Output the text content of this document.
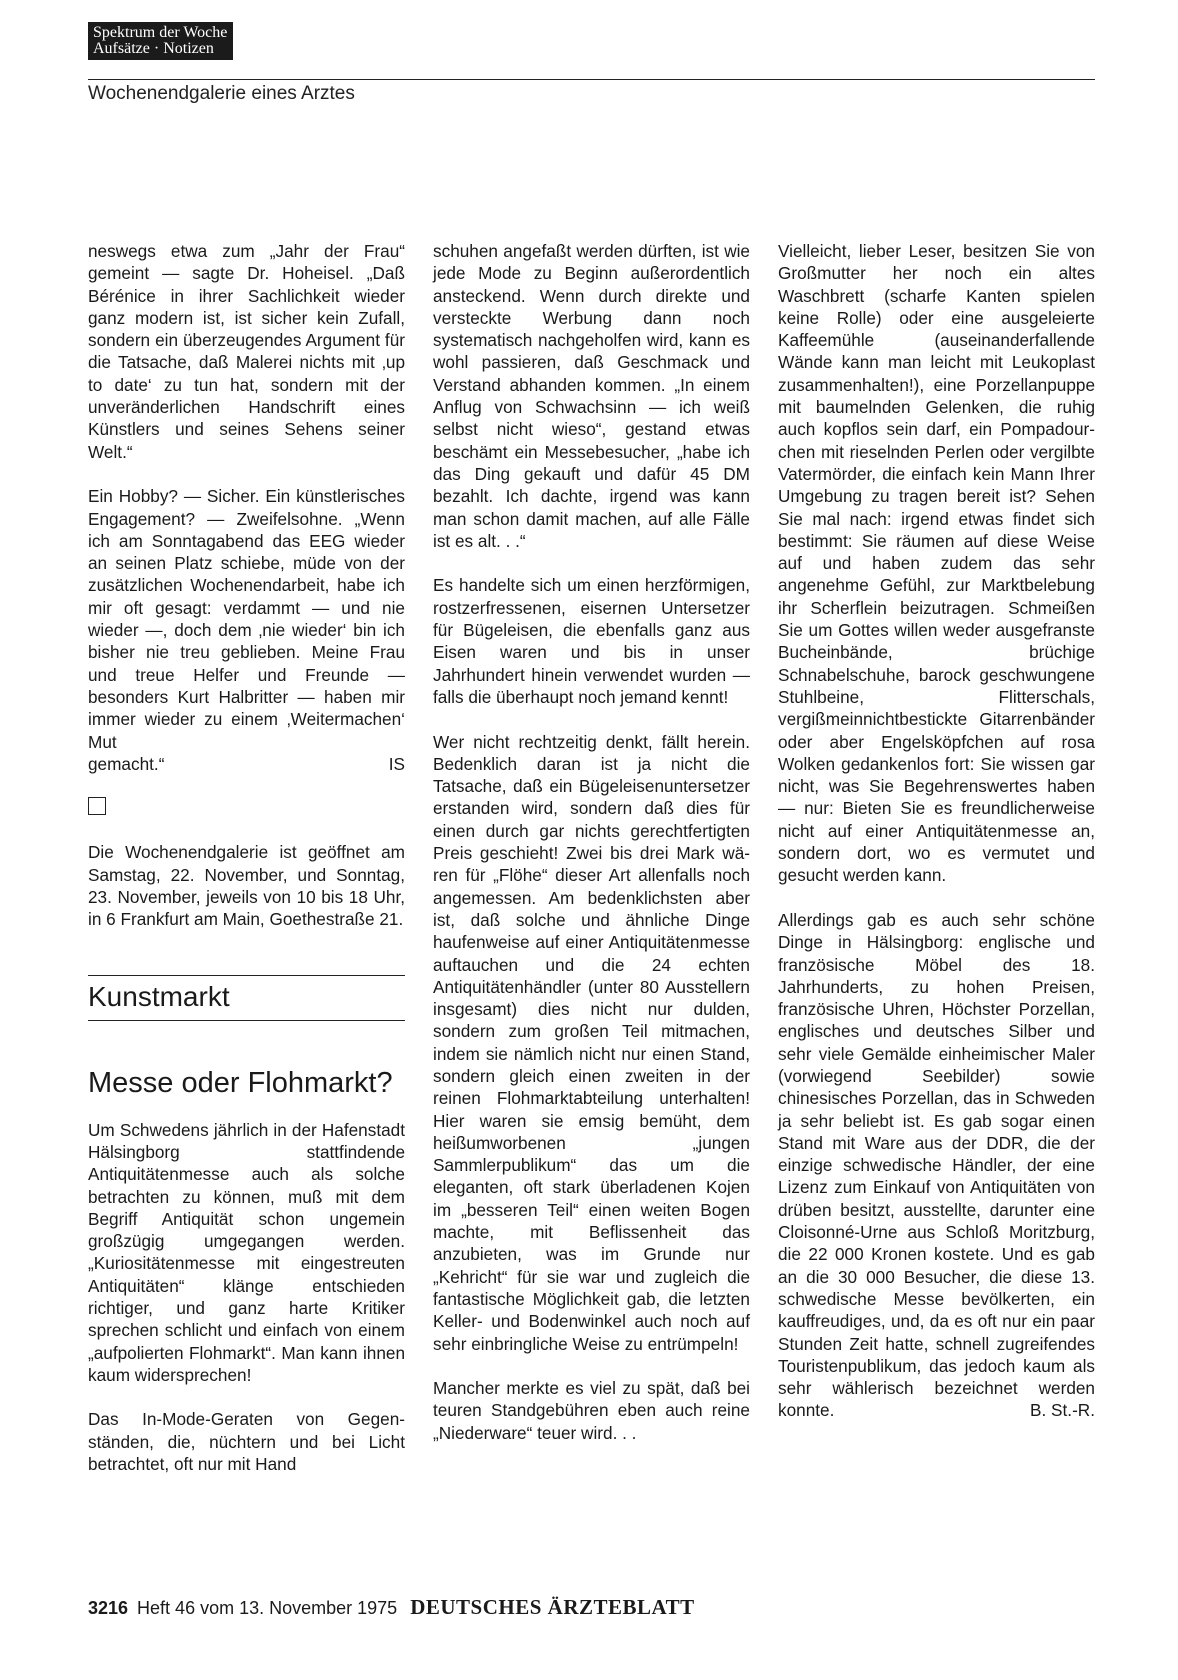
Spektrum der Woche
Aufsätze · Notizen
Wochenendgalerie eines Arztes

neswegs etwa zum „Jahr der Frau“ gemeint — sagte Dr. Hoheisel. „Daß Bérénice in ihrer Sachlichkeit wieder ganz modern ist, ist sicher kein Zufall, sondern ein überzeugendes Argument für die Tatsache, daß Malerei nichts mit ‚up to date‘ zu tun hat, sondern mit der unveränderlichen Handschrift eines Künstlers und seines Sehens seiner Welt.“

Ein Hobby? — Sicher. Ein künstlerisches Engagement? — Zweifelsohne. „Wenn ich am Sonntagabend das EEG wieder an seinen Platz schiebe, müde von der zusätzlichen Wochenendarbeit, habe ich mir oft gesagt: verdammt — und nie wieder —, doch dem ‚nie wieder‘ bin ich bisher nie treu geblieben. Meine Frau und treue Helfer und Freunde — besonders Kurt Halbritter — haben mir immer wieder zu einem ‚Weitermachen‘ Mut
gemacht.“	IS

Die Wochenendgalerie ist geöffnet am Samstag, 22. November, und Sonntag, 23. November, jeweils von 10 bis 18 Uhr, in 6 Frankfurt am Main, Goethestraße 21.

Kunstmarkt
Messe oder Flohmarkt?

Um Schwedens jährlich in der Hafenstadt Hälsingborg stattfindende Antiquitätenmesse auch als solche betrachten zu können, muß mit dem Begriff Antiquität schon ungemein großzügig umgegangen werden. „Kuriositätenmesse mit eingestreuten Antiquitäten“ klänge entschieden richtiger, und ganz harte Kritiker sprechen schlicht und einfach von einem „aufpolierten Flohmarkt“. Man kann ihnen kaum widersprechen!

Das In-Mode-Geraten von Gegenständen, die, nüchtern und bei Licht betrachtet, oft nur mit Hand

schuhen angefaßt werden dürften, ist wie jede Mode zu Beginn außerordentlich ansteckend. Wenn durch direkte und versteckte Werbung dann noch systematisch nachgeholfen wird, kann es wohl passieren, daß Geschmack und Verstand abhanden kommen. „In einem Anflug von Schwachsinn — ich weiß selbst nicht wieso“, gestand etwas beschämt ein Messebesucher, „habe ich das Ding gekauft und dafür 45 DM bezahlt. Ich dachte, irgend was kann man schon damit machen, auf alle Fälle ist es alt. . .“

Es handelte sich um einen herzförmigen, rostzerfressenen, eisernen Untersetzer für Bügeleisen, die ebenfalls ganz aus Eisen waren und bis in unser Jahrhundert hinein verwendet wurden — falls die überhaupt noch jemand kennt!

Wer nicht rechtzeitig denkt, fällt herein. Bedenklich daran ist ja nicht die Tatsache, daß ein Bügeleisenuntersetzer erstanden wird, sondern daß dies für einen durch gar nichts gerechtfertigten Preis geschieht! Zwei bis drei Mark wären für „Flöhe“ dieser Art allenfalls noch angemessen. Am bedenklichsten aber ist, daß solche und ähnliche Dinge haufenweise auf einer Antiquitätenmesse auftauchen und die 24 echten Antiquitätenhändler (unter 80 Ausstellern insgesamt) dies nicht nur dulden, sondern zum großen Teil mitmachen, indem sie nämlich nicht nur einen Stand, sondern gleich einen zweiten in der reinen Flohmarktabteilung unterhalten! Hier waren sie emsig bemüht, dem heißumworbenen „jungen Sammlerpublikum“ das um die eleganten, oft stark überladenen Kojen im „besseren Teil“ einen weiten Bogen machte, mit Beflissenheit das anzubieten, was im Grunde nur „Kehricht“ für sie war und zugleich die fantastische Möglichkeit gab, die letzten Keller- und Bodenwinkel auch noch auf sehr einbringliche Weise zu entrümpeln!

Mancher merkte es viel zu spät, daß bei teuren Standgebühren eben auch reine „Niederware“ teuer wird. . .

Vielleicht, lieber Leser, besitzen Sie von Großmutter her noch ein altes Waschbrett (scharfe Kanten spielen keine Rolle) oder eine ausgeleierte Kaffeemühle (auseinanderfallende Wände kann man leicht mit Leukoplast zusammenhalten!), eine Porzellanpuppe mit baumelnden Gelenken, die ruhig auch kopflos sein darf, ein Pompadourchen mit rieselnden Perlen oder vergilbte Vatermörder, die einfach kein Mann Ihrer Umgebung zu tragen bereit ist? Sehen Sie mal nach: irgend etwas findet sich bestimmt: Sie räumen auf diese Weise auf und haben zudem das sehr angenehme Gefühl, zur Marktbelebung ihr Scherflein beizutragen. Schmeißen Sie um Gottes willen weder ausgefranste Bucheinbände, brüchige Schnabelschuhe, barock geschwungene Stuhlbeine, Flitterschals, vergißmeinnichtbestickte Gitarrenbänder oder aber Engelsköpfchen auf rosa Wolken gedankenlos fort: Sie wissen gar nicht, was Sie Begehrenswertes haben — nur: Bieten Sie es freundlicherweise nicht auf einer Antiquitätenmesse an, sondern dort, wo es vermutet und gesucht werden kann.

Allerdings gab es auch sehr schöne Dinge in Hälsingborg: englische und französische Möbel des 18. Jahrhunderts, zu hohen Preisen, französische Uhren, Höchster Porzellan, englisches und deutsches Silber und sehr viele Gemälde einheimischer Maler (vorwiegend Seebilder) sowie chinesisches Porzellan, das in Schweden ja sehr beliebt ist. Es gab sogar einen Stand mit Ware aus der DDR, die der einzige schwedische Händler, der eine Lizenz zum Einkauf von Antiquitäten von drüben besitzt, ausstellte, darunter eine Cloisonné-Urne aus Schloß Moritzburg, die 22 000 Kronen kostete. Und es gab an die 30 000 Besucher, die diese 13. schwedische Messe bevölkerten, ein kauffreudiges, und, da es oft nur ein paar Stunden Zeit hatte, schnell zugreifendes Touristenpublikum, das jedoch kaum als sehr wählerisch bezeichnet werden konnte.	B. St.-R.

3216 Heft 46 vom 13. November 1975 DEUTSCHES ÄRZTEBLATT
